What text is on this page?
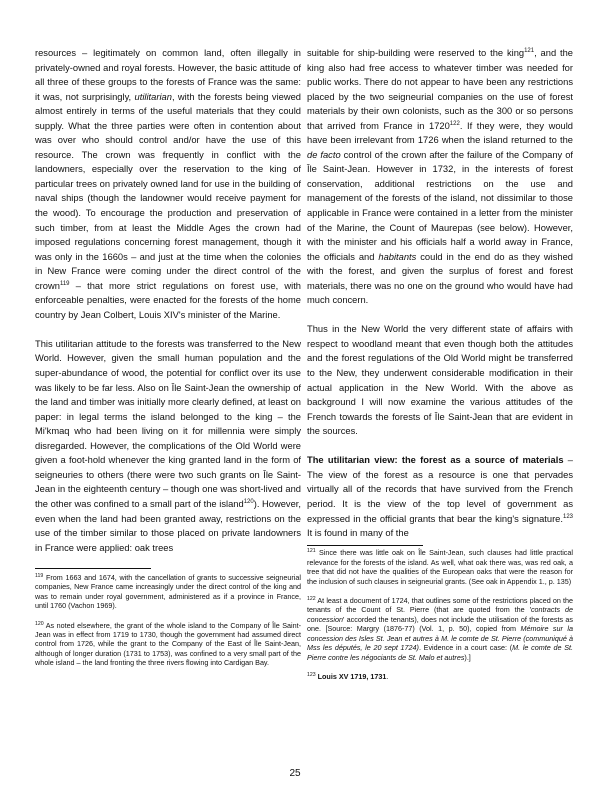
resources – legitimately on common land, often illegally in privately-owned and royal forests. However, the basic attitude of all three of these groups to the forests of France was the same: it was, not surprisingly, utilitarian, with the forests being viewed almost entirely in terms of the useful materials that they could supply. What the three parties were often in contention about was over who should control and/or have the use of this resource. The crown was frequently in conflict with the landowners, especially over the reservation to the king of particular trees on privately owned land for use in the building of naval ships (though the landowner would receive payment for the wood). To encourage the production and preservation of such timber, from at least the Middle Ages the crown had imposed regulations concerning forest management, though it was only in the 1660s – and just at the time when the colonies in New France were coming under the direct control of the crown$^{119}$ – that more strict regulations on forest use, with enforceable penalties, were enacted for the forests of the home country by Jean Colbert, Louis XIV's minister of the Marine.

This utilitarian attitude to the forests was transferred to the New World. However, given the small human population and the super-abundance of wood, the potential for conflict over its use was likely to be far less. Also on Île Saint-Jean the ownership of the land and timber was initially more clearly defined, at least on paper: in legal terms the island belonged to the king – the Mi'kmaq who had been living on it for millennia were simply disregarded. However, the complications of the Old World were given a foot-hold whenever the king granted land in the form of seigneuries to others (there were two such grants on Île Saint-Jean in the eighteenth century – though one was short-lived and the other was confined to a small part of the island$^{120}$). However, even when the land had been granted away, restrictions on the use of the timber similar to those placed on private landowners in France were applied: oak trees

$^{119}$ From 1663 and 1674, with the cancellation of grants to successive seigneurial companies, New France came increasingly under the direct control of the king and was to remain under royal government, administered as if a province in France, until 1760 (Vachon 1969).

$^{120}$ As noted elsewhere, the grant of the whole island to the Company of Île Saint-Jean was in effect from 1719 to 1730, though the government had assumed direct control from 1726, while the grant to the Company of the East of Île Saint-Jean, although of longer duration (1731 to 1753), was confined to a very small part of the whole island – the land fronting the three rivers flowing into Cardigan Bay.

suitable for ship-building were reserved to the king$^{121}$, and the king also had free access to whatever timber was needed for public works. There do not appear to have been any restrictions placed by the two seigneurial companies on the use of forest materials by their own colonists, such as the 300 or so persons that arrived from France in 1720$^{122}$. If they were, they would have been irrelevant from 1726 when the island returned to the de facto control of the crown after the failure of the Company of Île Saint-Jean. However in 1732, in the interests of forest conservation, additional restrictions on the use and management of the forests of the island, not dissimilar to those applicable in France were contained in a letter from the minister of the Marine, the Count of Maurepas (see below). However, with the minister and his officials half a world away in France, the officials and habitants could in the end do as they wished with the forest, and given the surplus of forest and forest materials, there was no one on the ground who would have had much concern.

Thus in the New World the very different state of affairs with respect to woodland meant that even though both the attitudes and the forest regulations of the Old World might be transferred to the New, they underwent considerable modification in their actual application in the New World. With the above as background I will now examine the various attitudes of the French towards the forests of Île Saint-Jean that are evident in the sources.

The utilitarian view: the forest as a source of materials – The view of the forest as a resource is one that pervades virtually all of the records that have survived from the French period. It is the view of the top level of government as expressed in the official grants that bear the king's signature.$^{123}$ It is found in many of the

$^{121}$ Since there was little oak on Île Saint-Jean, such clauses had little practical relevance for the forests of the island. As well, what oak there was, was red oak, a tree that did not have the qualities of the European oaks that were the reason for the inclusion of such clauses in seigneurial grants. (See oak in Appendix 1., p. 135)

$^{122}$ At least a document of 1724, that outlines some of the restrictions placed on the tenants of the Count of St. Pierre (that are quoted from the 'contracts de concession' accorded the tenants), does not include the utilisation of the forests as one. [Source: Margry (1876-77) (Vol. 1, p. 50), copied from Mémoire sur la concession des Isles St. Jean et autres à M. le comte de St. Pierre (communiqué à Mss les députés, le 20 sept 1724). Evidence in a court case: (M. le comte de St. Pierre contre les négociants de St. Malo et autres).]

$^{123}$ Louis XV 1719, 1731.

25
